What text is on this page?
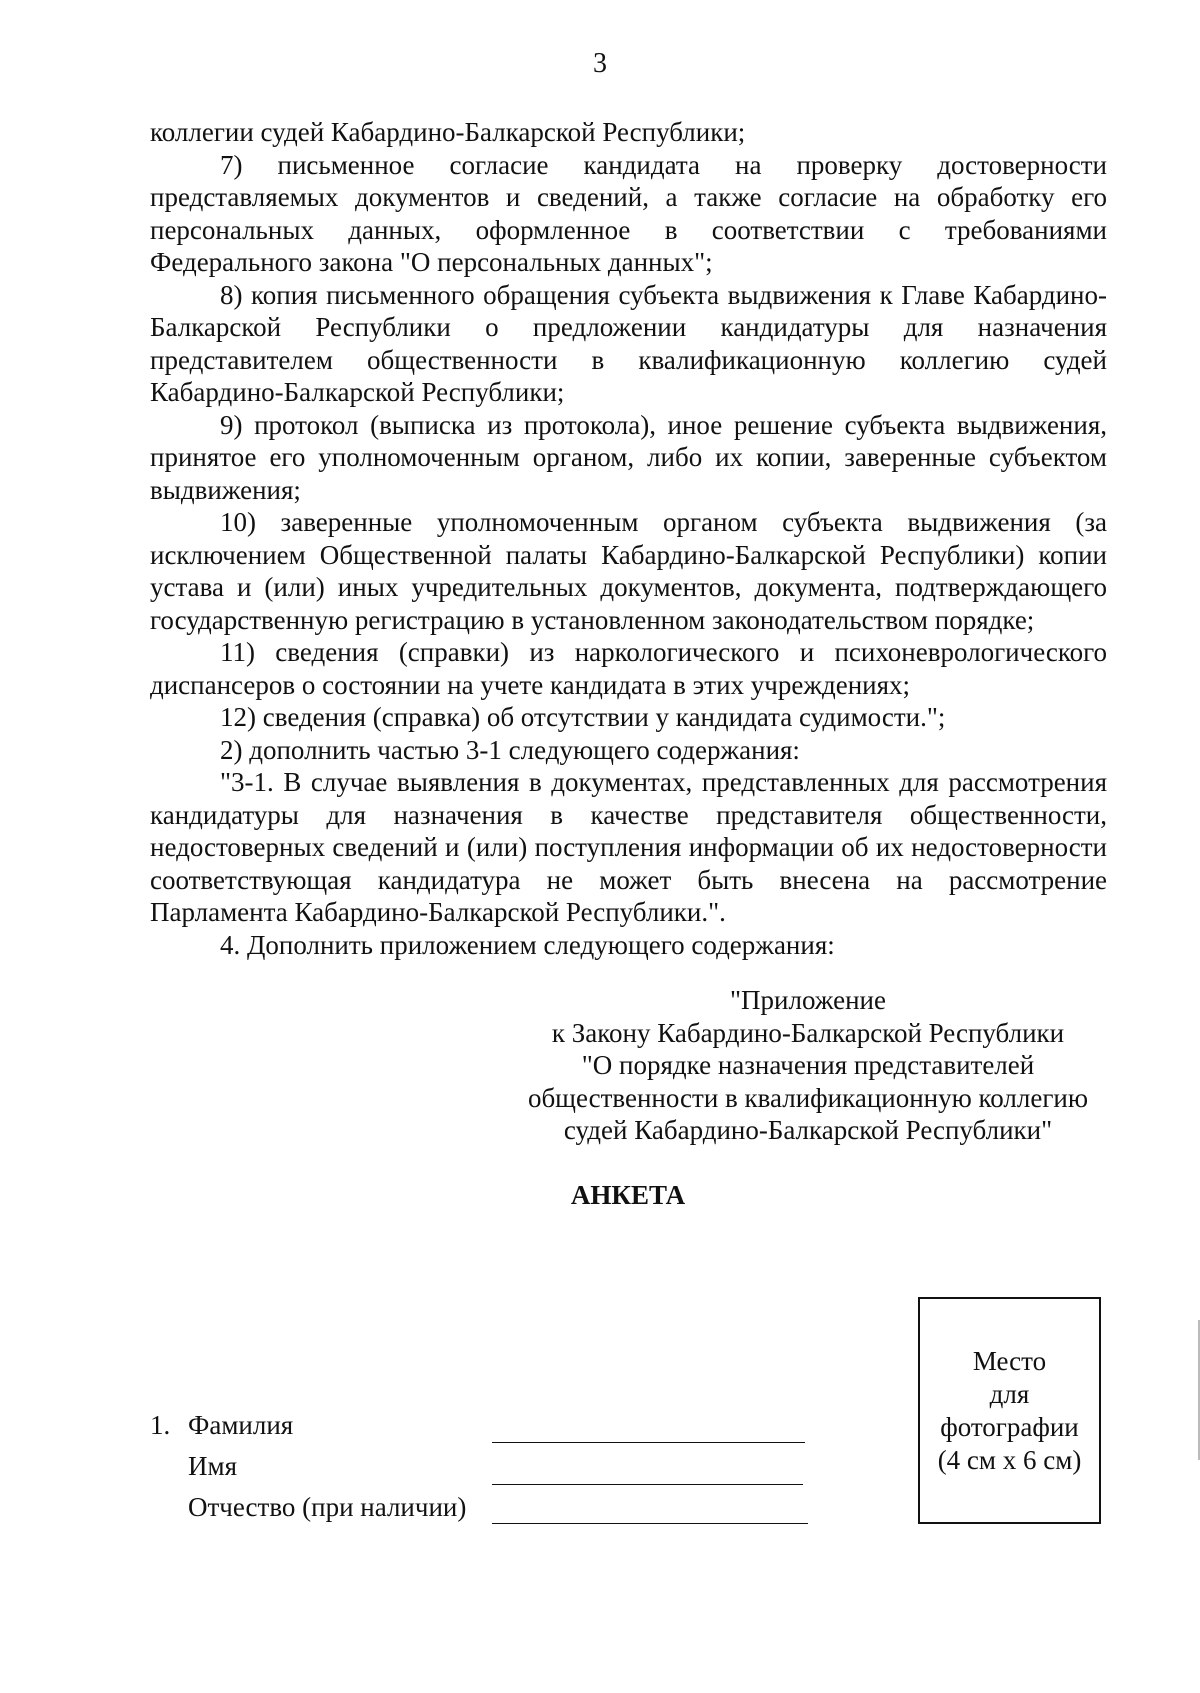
3

коллегии судей Кабардино-Балкарской Республики;

7) письменное согласие кандидата на проверку достоверности представляемых документов и сведений, а также согласие на обработку его персональных данных, оформленное в соответствии с требованиями Федерального закона "О персональных данных";

8) копия письменного обращения субъекта выдвижения к Главе Кабардино-Балкарской Республики о предложении кандидатуры для назначения представителем общественности в квалификационную коллегию судей Кабардино-Балкарской Республики;

9) протокол (выписка из протокола), иное решение субъекта выдвижения, принятое его уполномоченным органом, либо их копии, заверенные субъектом выдвижения;

10) заверенные уполномоченным органом субъекта выдвижения (за исключением Общественной палаты Кабардино-Балкарской Республики) копии устава и (или) иных учредительных документов, документа, подтверждающего государственную регистрацию в установленном законодательством порядке;

11) сведения (справки) из наркологического и психоневрологического диспансеров о состоянии на учете кандидата в этих учреждениях;

12) сведения (справка) об отсутствии у кандидата судимости.";

2) дополнить частью 3-1 следующего содержания:

"3-1. В случае выявления в документах, представленных для рассмотрения кандидатуры для назначения в качестве представителя общественности, недостоверных сведений и (или) поступления информации об их недостоверности соответствующая кандидатура не может быть внесена на рассмотрение Парламента Кабардино-Балкарской Республики.".

4. Дополнить приложением следующего содержания:

"Приложение
к Закону Кабардино-Балкарской Республики
"О порядке назначения представителей
общественности в квалификационную коллегию
судей Кабардино-Балкарской Республики"
АНКЕТА
1. Фамилия
Имя
Отчество (при наличии)
Место
для
фотографии
(4 см х 6 см)
